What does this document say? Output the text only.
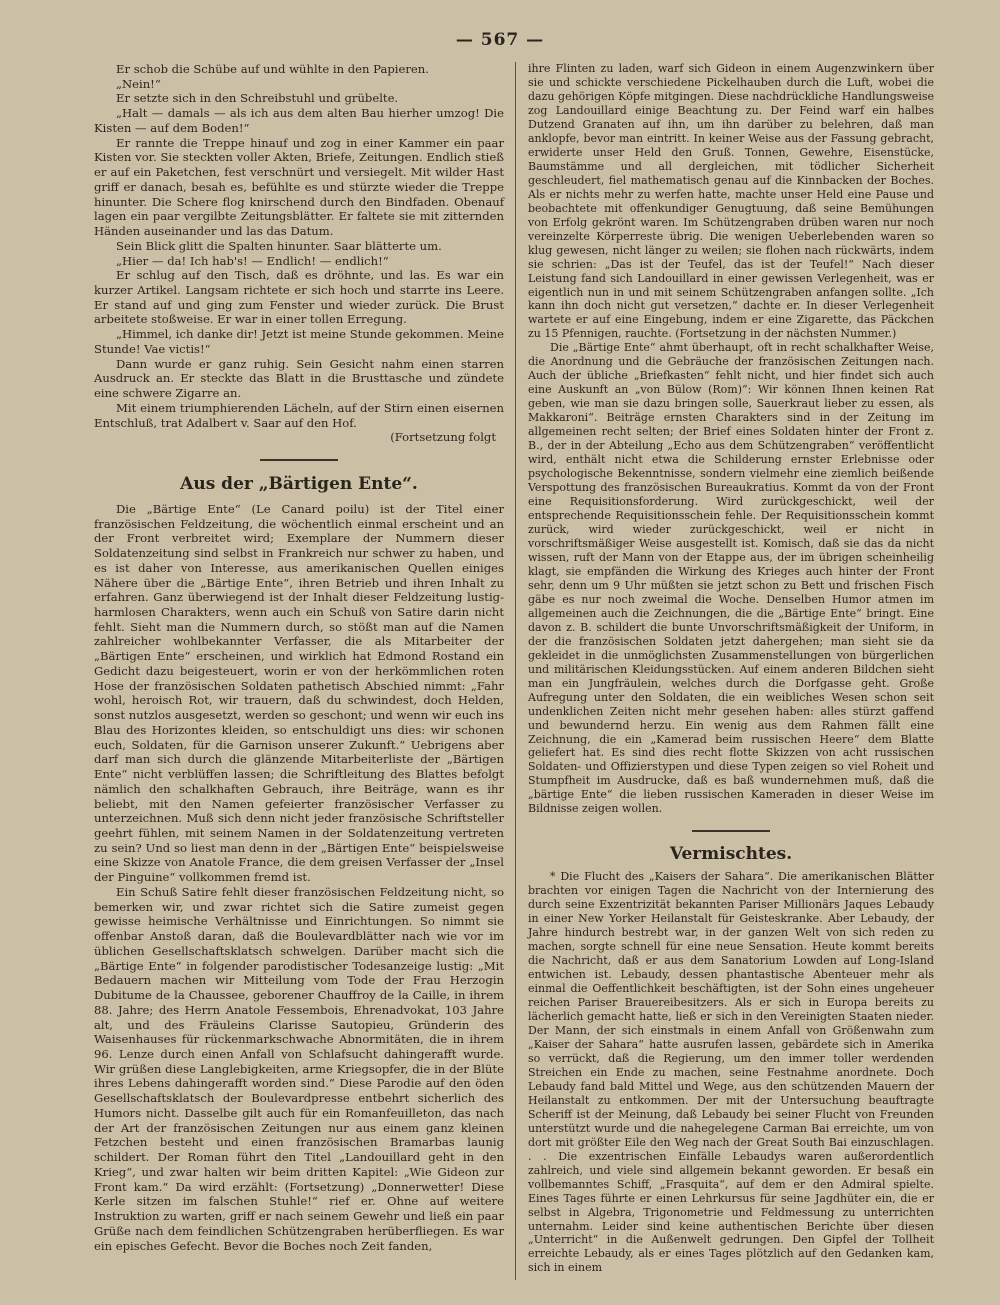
— 567 —

Er schob die Schübe auf und wühlte in den Papieren.

„Nein!“

Er setzte sich in den Schreibstuhl und grübelte.

„Halt — damals — als ich aus dem alten Bau hierher umzog! Die Kisten — auf dem Boden!“

Er rannte die Treppe hinauf und zog in einer Kammer ein paar Kisten vor. Sie steckten voller Akten, Briefe, Zeitungen. Endlich stieß er auf ein Paketchen, fest verschnürt und versiegelt. Mit wilder Hast griff er danach, besah es, befühlte es und stürzte wieder die Treppe hinunter. Die Schere flog knirschend durch den Bindfaden. Obenauf lagen ein paar vergilbte Zeitungsblätter. Er faltete sie mit zitternden Händen auseinander und las das Datum.

Sein Blick glitt die Spalten hinunter. Saar blätterte um.

„Hier — da! Ich hab's! — Endlich! — endlich!“

Er schlug auf den Tisch, daß es dröhnte, und las. Es war ein kurzer Artikel. Langsam richtete er sich hoch und starrte ins Leere. Er stand auf und ging zum Fenster und wieder zurück. Die Brust arbeitete stoßweise. Er war in einer tollen Erregung.

„Himmel, ich danke dir! Jetzt ist meine Stunde gekommen. Meine Stunde! Vae victis!“

Dann wurde er ganz ruhig. Sein Gesicht nahm einen starren Ausdruck an. Er steckte das Blatt in die Brusttasche und zündete eine schwere Zigarre an.

Mit einem triumphierenden Lächeln, auf der Stirn einen eisernen Entschluß, trat Adalbert v. Saar auf den Hof.

(Fortsetzung folgt

Aus der „Bärtigen Ente“.

Die „Bärtige Ente“ (Le Canard poilu) ist der Titel einer französischen Feldzeitung, die wöchentlich einmal erscheint und an der Front verbreitet wird; Exemplare der Nummern dieser Soldatenzeitung sind selbst in Frankreich nur schwer zu haben, und es ist daher von Interesse, aus amerikanischen Quellen einiges Nähere über die „Bärtige Ente“, ihren Betrieb und ihren Inhalt zu erfahren. Ganz überwiegend ist der Inhalt dieser Feldzeitung lustig-harmlosen Charakters, wenn auch ein Schuß von Satire darin nicht fehlt. Sieht man die Nummern durch, so stößt man auf die Namen zahlreicher wohlbekannter Verfasser, die als Mitarbeiter der „Bärtigen Ente“ erscheinen, und wirklich hat Edmond Rostand ein Gedicht dazu beigesteuert, worin er von der herkömmlichen roten Hose der französischen Soldaten pathetisch Abschied nimmt: „Fahr wohl, heroisch Rot, wir trauern, daß du schwindest, doch Helden, sonst nutzlos ausgesetzt, werden so geschont; und wenn wir euch ins Blau des Horizontes kleiden, so entschuldigt uns dies: wir schonen euch, Soldaten, für die Garnison unserer Zukunft.“ Uebrigens aber darf man sich durch die glänzende Mitarbeiterliste der „Bärtigen Ente“ nicht verblüffen lassen; die Schriftleitung des Blattes befolgt nämlich den schalkhaften Gebrauch, ihre Beiträge, wann es ihr beliebt, mit den Namen gefeierter französischer Verfasser zu unterzeichnen. Muß sich denn nicht jeder französische Schriftsteller geehrt fühlen, mit seinem Namen in der Soldatenzeitung vertreten zu sein? Und so liest man denn in der „Bärtigen Ente“ beispielsweise eine Skizze von Anatole France, die dem greisen Verfasser der „Insel der Pinguine“ vollkommen fremd ist.

Ein Schuß Satire fehlt dieser französischen Feldzeitung nicht, so bemerken wir, und zwar richtet sich die Satire zumeist gegen gewisse heimische Verhältnisse und Einrichtungen. So nimmt sie offenbar Anstoß daran, daß die Boulevardblätter nach wie vor im üblichen Gesellschaftsklatsch schwelgen. Darüber macht sich die „Bärtige Ente“ in folgender parodistischer Todesanzeige lustig: „Mit Bedauern machen wir Mitteilung vom Tode der Frau Herzogin Dubitume de la Chaussee, geborener Chauffroy de la Caille, in ihrem 88. Jahre; des Herrn Anatole Fessembois, Ehrenadvokat, 103 Jahre alt, und des Fräuleins Clarisse Sautopieu, Gründerin des Waisenhauses für rückenmarkschwache Abnormitäten, die in ihrem 96. Lenze durch einen Anfall von Schlafsucht dahingerafft wurde. Wir grüßen diese Langlebigkeiten, arme Kriegsopfer, die in der Blüte ihres Lebens dahingerafft worden sind.“ Diese Parodie auf den öden Gesellschaftsklatsch der Boulevardpresse entbehrt sicherlich des Humors nicht. Dasselbe gilt auch für ein Romanfeuilleton, das nach der Art der französischen Zeitungen nur aus einem ganz kleinen Fetzchen besteht und einen französischen Bramarbas launig schildert. Der Roman führt den Titel „Landouillard geht in den Krieg“, und zwar halten wir beim dritten Kapitel: „Wie Gideon zur Front kam.“ Da wird erzählt: (Fortsetzung) „Donnerwetter! Diese Kerle sitzen im falschen Stuhle!“ rief er. Ohne auf weitere Instruktion zu warten, griff er nach seinem Gewehr und ließ ein paar Grüße nach dem feindlichen Schützengraben herüberfliegen. Es war ein episches Gefecht. Bevor die Boches noch Zeit fanden,

ihre Flinten zu laden, warf sich Gideon in einem Augenzwinkern über sie und schickte verschiedene Pickelhauben durch die Luft, wobei die dazu gehörigen Köpfe mitgingen. Diese nachdrückliche Handlungsweise zog Landouillard einige Beachtung zu. Der Feind warf ein halbes Dutzend Granaten auf ihn, um ihn darüber zu belehren, daß man anklopfe, bevor man eintritt. In keiner Weise aus der Fassung gebracht, erwiderte unser Held den Gruß. Tonnen, Gewehre, Eisenstücke, Baumstämme und all dergleichen, mit tödlicher Sicherheit geschleudert, fiel mathematisch genau auf die Kinnbacken der Boches. Als er nichts mehr zu werfen hatte, machte unser Held eine Pause und beobachtete mit offenkundiger Genugtuung, daß seine Bemühungen von Erfolg gekrönt waren. Im Schützengraben drüben waren nur noch vereinzelte Körperreste übrig. Die wenigen Ueberlebenden waren so klug gewesen, nicht länger zu weilen; sie flohen nach rückwärts, indem sie schrien: „Das ist der Teufel, das ist der Teufel!“ Nach dieser Leistung fand sich Landouillard in einer gewissen Verlegenheit, was er eigentlich nun in und mit seinem Schützengraben anfangen sollte. „Ich kann ihn doch nicht gut versetzen,“ dachte er. In dieser Verlegenheit wartete er auf eine Eingebung, indem er eine Zigarette, das Päckchen zu 15 Pfennigen, rauchte. (Fortsetzung in der nächsten Nummer.)

Die „Bärtige Ente“ ahmt überhaupt, oft in recht schalkhafter Weise, die Anordnung und die Gebräuche der französischen Zeitungen nach. Auch der übliche „Briefkasten“ fehlt nicht, und hier findet sich auch eine Auskunft an „von Bülow (Rom)“: Wir können Ihnen keinen Rat geben, wie man sie dazu bringen solle, Sauerkraut lieber zu essen, als Makkaroni“. Beiträge ernsten Charakters sind in der Zeitung im allgemeinen recht selten; der Brief eines Soldaten hinter der Front z. B., der in der Abteilung „Echo aus dem Schützengraben“ veröffentlicht wird, enthält nicht etwa die Schilderung ernster Erlebnisse oder psychologische Bekenntnisse, sondern vielmehr eine ziemlich beißende Verspottung des französischen Bureaukratius. Kommt da von der Front eine Requisitionsforderung. Wird zurückgeschickt, weil der entsprechende Requisitionsschein fehle. Der Requisitionsschein kommt zurück, wird wieder zurückgeschickt, weil er nicht in vorschriftsmäßiger Weise ausgestellt ist. Komisch, daß sie das da nicht wissen, ruft der Mann von der Etappe aus, der im übrigen scheinheilig klagt, sie empfänden die Wirkung des Krieges auch hinter der Front sehr, denn um 9 Uhr müßten sie jetzt schon zu Bett und frischen Fisch gäbe es nur noch zweimal die Woche. Denselben Humor atmen im allgemeinen auch die Zeichnungen, die die „Bärtige Ente“ bringt. Eine davon z. B. schildert die bunte Unvorschriftsmäßigkeit der Uniform, in der die französischen Soldaten jetzt dahergehen; man sieht sie da gekleidet in die unmöglichsten Zusammenstellungen von bürgerlichen und militärischen Kleidungsstücken. Auf einem anderen Bildchen sieht man ein Jungfräulein, welches durch die Dorfgasse geht. Große Aufregung unter den Soldaten, die ein weibliches Wesen schon seit undenklichen Zeiten nicht mehr gesehen haben: alles stürzt gaffend und bewundernd herzu. Ein wenig aus dem Rahmen fällt eine Zeichnung, die ein „Kamerad beim russischen Heere“ dem Blatte geliefert hat. Es sind dies recht flotte Skizzen von acht russischen Soldaten- und Offizierstypen und diese Typen zeigen so viel Roheit und Stumpfheit im Ausdrucke, daß es baß wundernehmen muß, daß die „bärtige Ente“ die lieben russischen Kameraden in dieser Weise im Bildnisse zeigen wollen.

Vermischtes.

* Die Flucht des „Kaisers der Sahara“. Die amerikanischen Blätter brachten vor einigen Tagen die Nachricht von der Internierung des durch seine Exzentrizität bekannten Pariser Millionärs Jaques Lebaudy in einer New Yorker Heilanstalt für Geisteskranke. Aber Lebaudy, der Jahre hindurch bestrebt war, in der ganzen Welt von sich reden zu machen, sorgte schnell für eine neue Sensation. Heute kommt bereits die Nachricht, daß er aus dem Sanatorium Lowden auf Long-Island entwichen ist. Lebaudy, dessen phantastische Abenteuer mehr als einmal die Oeffentlichkeit beschäftigten, ist der Sohn eines ungeheuer reichen Pariser Brauereibesitzers. Als er sich in Europa bereits zu lächerlich gemacht hatte, ließ er sich in den Vereinigten Staaten nieder. Der Mann, der sich einstmals in einem Anfall von Größenwahn zum „Kaiser der Sahara“ hatte ausrufen lassen, gebärdete sich in Amerika so verrückt, daß die Regierung, um den immer toller werdenden Streichen ein Ende zu machen, seine Festnahme anordnete. Doch Lebaudy fand bald Mittel und Wege, aus den schützenden Mauern der Heilanstalt zu entkommen. Der mit der Untersuchung beauftragte Scheriff ist der Meinung, daß Lebaudy bei seiner Flucht von Freunden unterstützt wurde und die nahegelegene Carman Bai erreichte, um von dort mit größter Eile den Weg nach der Great South Bai einzuschlagen. . . Die exzentrischen Einfälle Lebaudys waren außerordentlich zahlreich, und viele sind allgemein bekannt geworden. Er besaß ein vollbemanntes Schiff, „Frasquita“, auf dem er den Admiral spielte. Eines Tages führte er einen Lehrkursus für seine Jagdhüter ein, die er selbst in Algebra, Trigonometrie und Feldmessung zu unterrichten unternahm. Leider sind keine authentischen Berichte über diesen „Unterricht“ in die Außenwelt gedrungen. Den Gipfel der Tollheit erreichte Lebaudy, als er eines Tages plötzlich auf den Gedanken kam, sich in einem
